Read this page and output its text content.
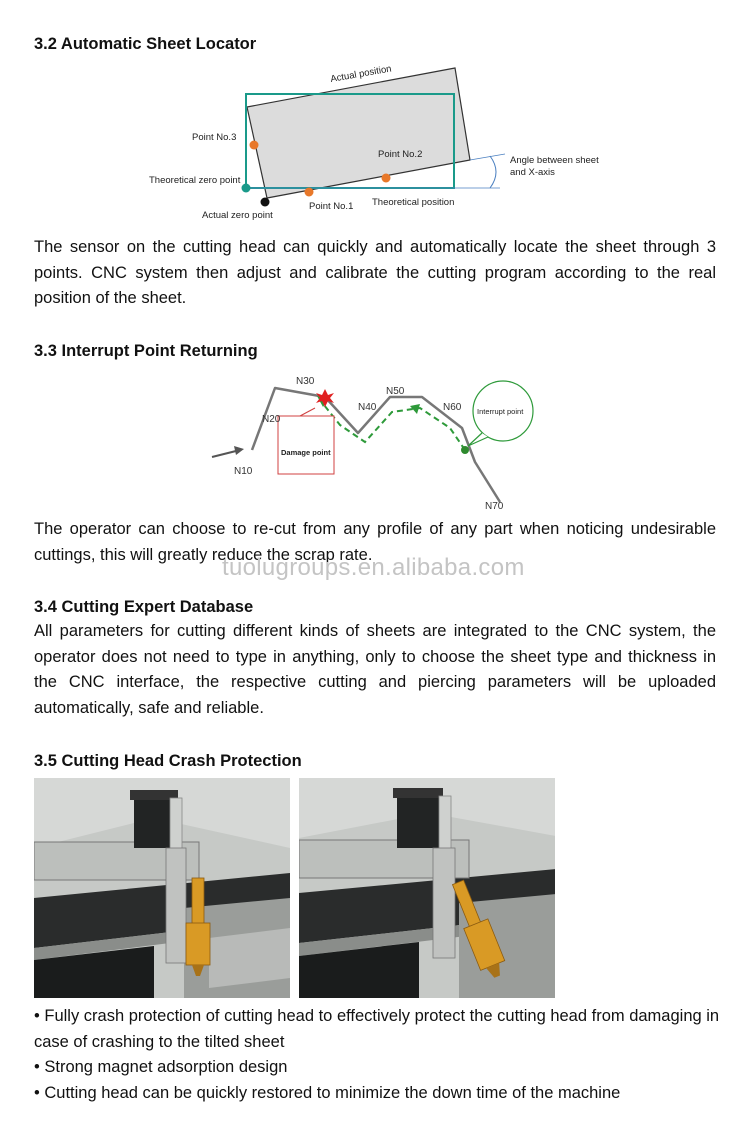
3.2 Automatic Sheet Locator
Actual position
Point No.3
Point No.2
Theoretical zero point
Point No.1 Theoretical position
Actual zero point
Angle between sheet
and X-axis

The sensor on the cutting head can quickly and automatically locate the sheet through 3 points. CNC system then adjust and calibrate the cutting program according to the real position of the sheet.

3.3 Interrupt Point Returning
Damage point
Interrupt point
N10
N20
N30
N40
N50
N60
N70

The operator can choose to re-cut from any profile of any part when noticing undesirable cuttings, this will greatly reduce the scrap rate.

tuolugroups.en.alibaba.com
3.4 Cutting Expert Database

All parameters for cutting different kinds of sheets are integrated to the CNC system, the operator does not need to type in anything, only to choose the sheet type and thickness in the CNC interface, the respective cutting and piercing parameters will be uploaded automatically, safe and reliable.

3.5 Cutting Head Crash Protection
• Fully crash protection of cutting head to effectively protect the cutting head from damaging in case of crashing to the tilted sheet
• Strong magnet adsorption design
• Cutting head can be quickly restored to minimize the down time of the machine
